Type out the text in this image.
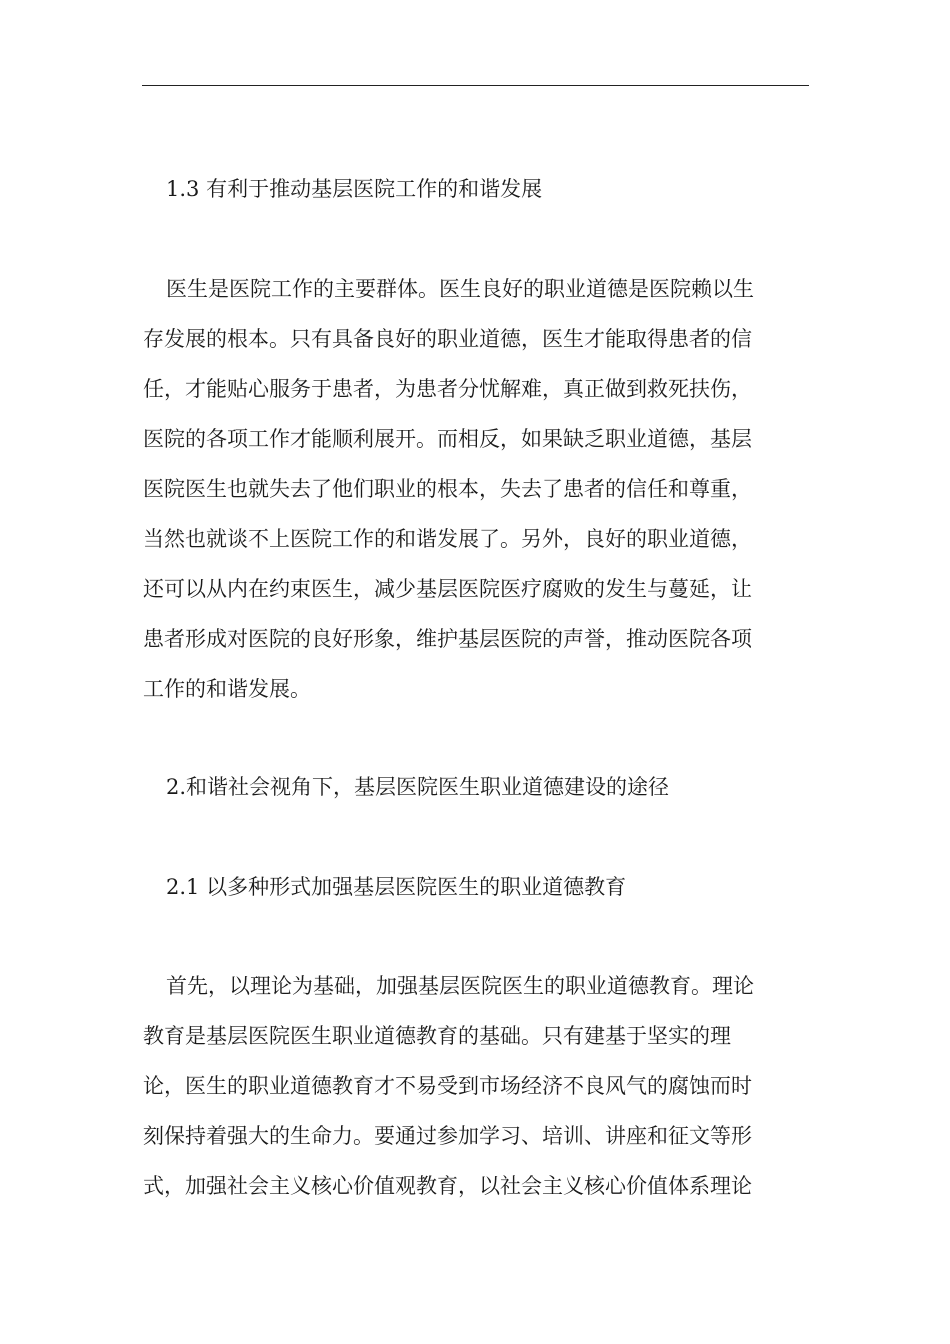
1.3 有利于推动基层医院工作的和谐发展
医生是医院工作的主要群体。医生良好的职业道德是医院赖以生
存发展的根本。只有具备良好的职业道德，医生才能取得患者的信
任，才能贴心服务于患者，为患者分忧解难，真正做到救死扶伤，
医院的各项工作才能顺利展开。而相反，如果缺乏职业道德，基层
医院医生也就失去了他们职业的根本，失去了患者的信任和尊重，
当然也就谈不上医院工作的和谐发展了。另外，良好的职业道德，
还可以从内在约束医生，减少基层医院医疗腐败的发生与蔓延，让
患者形成对医院的良好形象，维护基层医院的声誉，推动医院各项
工作的和谐发展。
2.和谐社会视角下，基层医院医生职业道德建设的途径
2.1 以多种形式加强基层医院医生的职业道德教育
首先，以理论为基础，加强基层医院医生的职业道德教育。理论
教育是基层医院医生职业道德教育的基础。只有建基于坚实的理
论，医生的职业道德教育才不易受到市场经济不良风气的腐蚀而时
刻保持着强大的生命力。要通过参加学习、培训、讲座和征文等形
式，加强社会主义核心价值观教育，以社会主义核心价值体系理论
